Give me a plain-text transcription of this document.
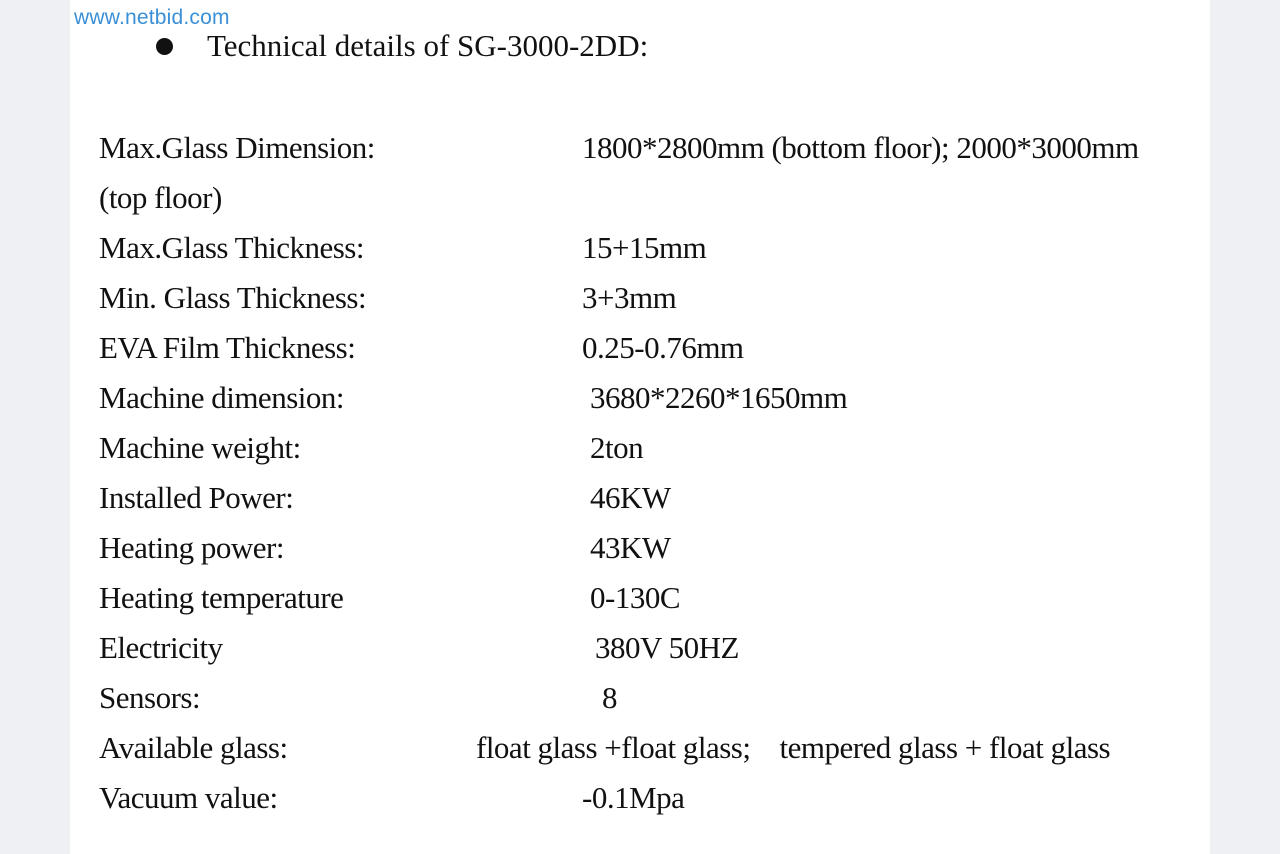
www.netbid.com
Technical details of SG-3000-2DD:
Max.Glass Dimension:	1800*2800mm (bottom floor); 2000*3000mm
(top floor)
Max.Glass Thickness:	15+15mm
Min. Glass Thickness:	3+3mm
EVA Film Thickness:	0.25-0.76mm
Machine dimension:	3680*2260*1650mm
Machine weight:	2ton
Installed Power:	46KW
Heating power:	43KW
Heating temperature	0-130C
Electricity	380V 50HZ
Sensors:	8
Available glass:	float glass +float glass;    tempered glass + float glass
Vacuum value:	-0.1Mpa
